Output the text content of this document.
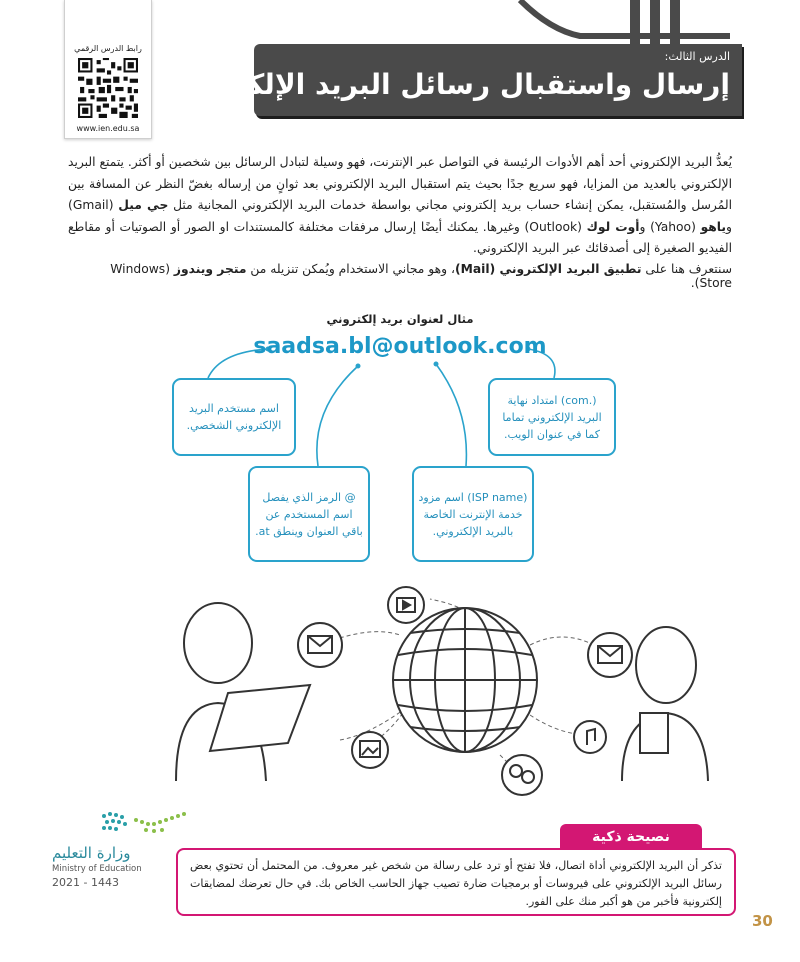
رابط الدرس الرقمي
www.ien.edu.sa
الدرس الثالث:
إرسال واستقبال رسائل البريد الإلكتروني
يُعدُّ البريد الإلكتروني أحد أهم الأدوات الرئيسة في التواصل عبر الإنترنت، فهو وسيلة لتبادل الرسائل بين شخصين أو أكثر. يتمتع البريد الإلكتروني بالعديد من المزايا، فهو سريع جدًا بحيث يتم استقبال البريد الإلكتروني بعد ثوانٍ من إرساله بغضّ النظر عن المسافة بين المُرسل والمُستقبل، يمكن إنشاء حساب بريد إلكتروني مجاني بواسطة خدمات البريد الإلكتروني المجانية مثل جي ميل (Gmail) وياهو (Yahoo) وأوت لوك (Outlook) وغيرها. يمكنك أيضًا إرسال مرفقات مختلفة كالمستندات او الصور أو الصوتيات أو مقاطع الفيديو الصغيرة إلى أصدقائك عبر البريد الإلكتروني.
سنتعرف هنا على تطبيق البريد الإلكتروني (Mail)، وهو مجاني الاستخدام ويُمكن تنزيله من متجر ويندوز (Windows Store).
مثال لعنوان بريد إلكتروني
saadsa.bl@outlook.com
اسم مستخدم البريد الإلكتروني الشخصي.
(.com) امتداد نهاية البريد الإلكتروني تماما كما في عنوان الويب.
@ الرمز الذي يفصل اسم المستخدم عن باقي العنوان وينطق at.
(ISP name) اسم مزود خدمة الإنترنت الخاصة بالبريد الإلكتروني.
وزارة التعليم
Ministry of Education
2021 - 1443
نصيحة ذكية
تذكر أن البريد الإلكتروني أداة اتصال، فلا تفتح أو ترد على رسالة من شخص غير معروف. من المحتمل أن تحتوي بعض رسائل البريد الإلكتروني على فيروسات أو برمجيات ضارة تصيب جهاز الحاسب الخاص بك. في حال تعرضك لمضايقات إلكترونية فأخبر من هو أكبر منك على الفور.
30
